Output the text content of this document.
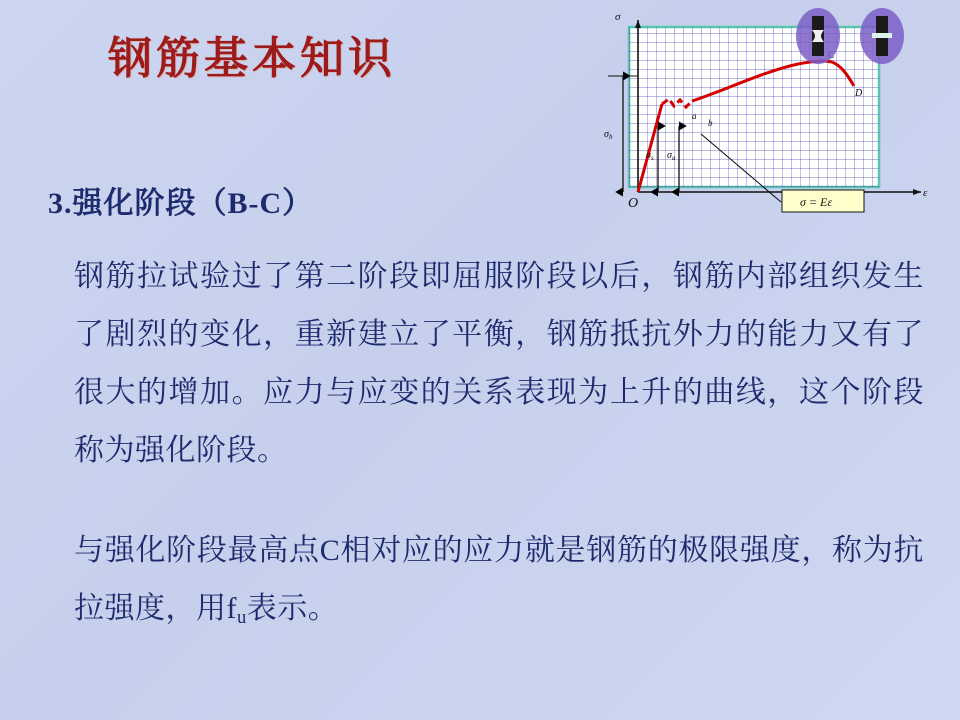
钢筋基本知识
3.强化阶段（B-C）
钢筋拉试验过了第二阶段即屈服阶段以后，钢筋内部组织发生了剧烈的变化，重新建立了平衡，钢筋抵抗外力的能力又有了很大的增加。应力与应变的关系表现为上升的曲线，这个阶段称为强化阶段。
与强化阶段最高点C相对应的应力就是钢筋的极限强度，称为抗拉强度，用$f_u$表示。
σ
ε
O
$\sigma_b$
$\sigma_s$ $\sigma_a$
a
b
D
σ = Eε
